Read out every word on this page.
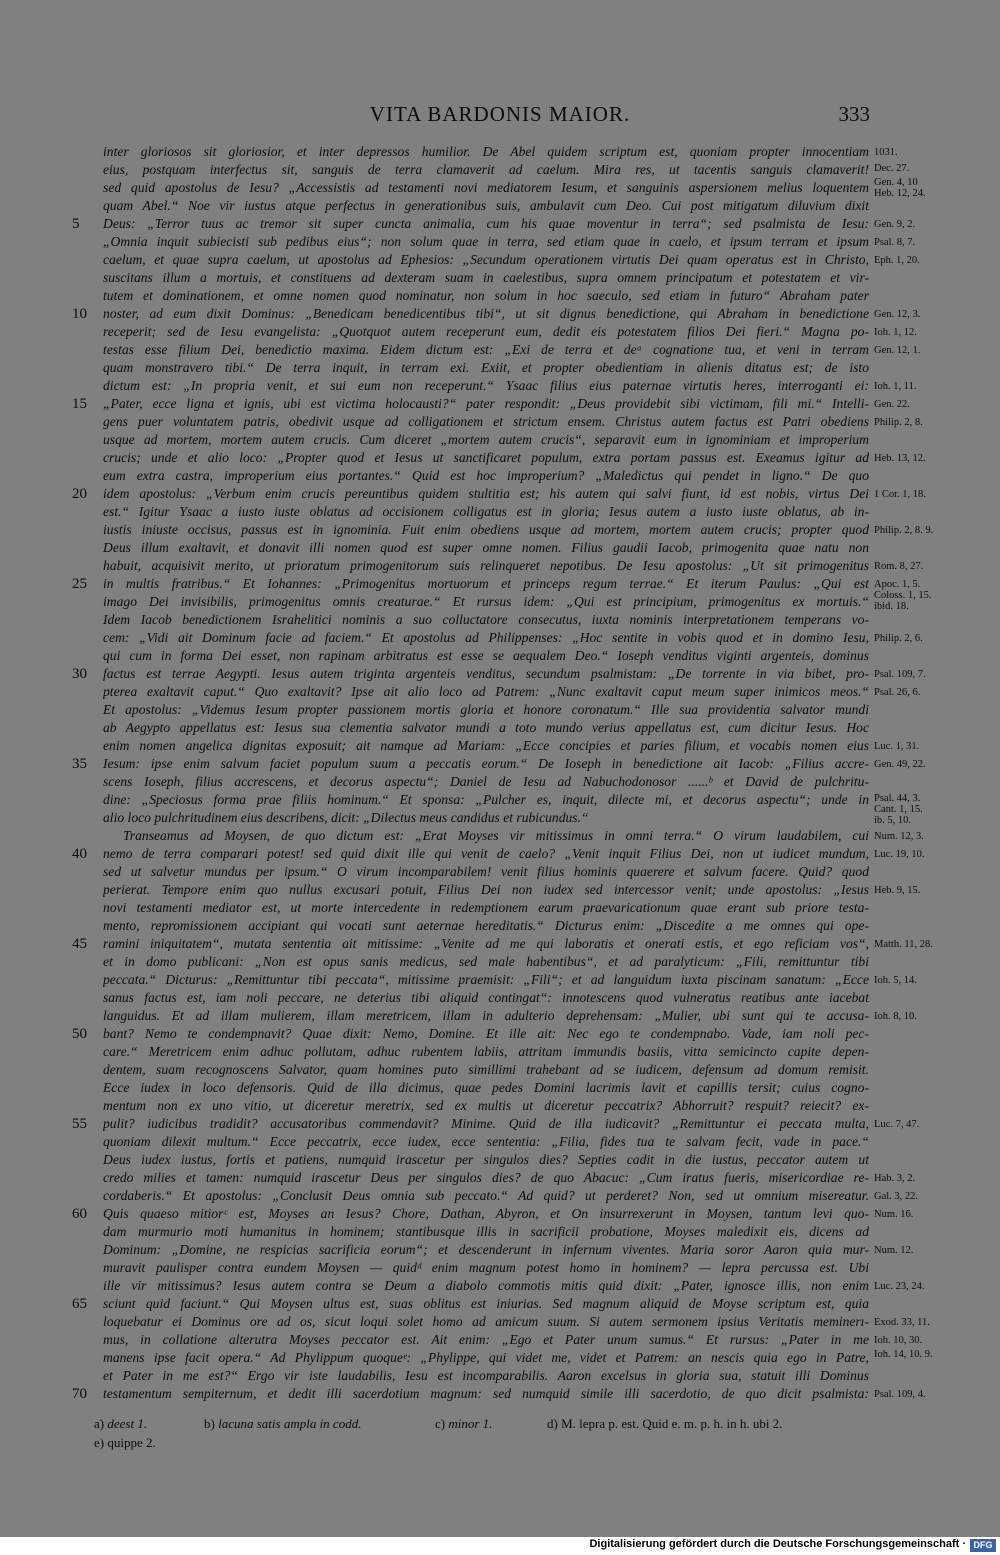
VITA BARDONIS MAIOR.	333
inter gloriosos sit gloriosior, et inter depressos humilior. De Abel quidem scriptum est, quoniam propter innocentiam
eius, postquam interfectus sit, sanguis de terra clamaverit ad caelum. Mira res, ut tacentis sanguis clamaverit!
sed quid apostolus de Iesu? „Accessistis ad testamenti novi mediatorem Iesum, et sanguinis aspersionem melius loquentem
quam Abel.“ Noe vir iustus atque perfectus in generationibus suis, ambulavit cum Deo. Cui post mitigatum diluvium dixit
Deus: „Terror tuus ac tremor sit super cuncta animalia, cum his quae moventur in terra“; sed psalmista de Iesu:
„Omnia inquit subiecisti sub pedibus eius“; non solum quae in terra, sed etiam quae in caelo, et ipsum terram et ipsum
caelum, et quae supra caelum, ut apostolus ad Ephesios: „Secundum operationem virtutis Dei quam operatus est in Christo,
suscitans illum a mortuis, et constituens ad dexteram suam in caelestibus, supra omnem principatum et potestatem et vir-
tutem et dominationem, et omne nomen quod nominatur, non solum in hoc saeculo, sed etiam in futuro“ Abraham pater
noster, ad eum dixit Dominus: „Benedicam benedicentibus tibi“, ut sit dignus benedictione, qui Abraham in benedictione
receperit; sed de Iesu evangelista: „Quotquot autem receperunt eum, dedit eis potestatem filios Dei fieri.“ Magna po-
testas esse filium Dei, benedictio maxima. Eidem dictum est: „Exi de terra et deᵃ cognatione tua, et veni in terram
quam monstravero tibi.“ De terra inquit, in terram exi. Exiit, et propter obedientiam in alienis ditatus est; de isto
dictum est: „In propria venit, et sui eum non receperunt.“ Ysaac filius eius paternae virtutis heres, interroganti ei:
„Pater, ecce ligna et ignis, ubi est victima holocausti?“ pater respondit: „Deus providebit sibi victimam, fili mi.“ Intelli-
gens puer voluntatem patris, obedivit usque ad colligationem et strictum ensem. Christus autem factus est Patri obediens
usque ad mortem, mortem autem crucis. Cum diceret „mortem autem crucis“, separavit eum in ignominiam et improperium
crucis; unde et alio loco: „Propter quod et Iesus ut sanctificaret populum, extra portam passus est. Exeamus igitur ad
eum extra castra, improperium eius portantes.“ Quid est hoc improperium? „Maledictus qui pendet in ligno.“ De quo
idem apostolus: „Verbum enim crucis pereuntibus quidem stultitia est; his autem qui salvi fiunt, id est nobis, virtus Dei
est.“ Igitur Ysaac a iusto iuste oblatus ad occisionem colligatus est in gloria; Iesus autem a iusto iuste oblatus, ab in-
iustis iniuste occisus, passus est in ignominia. Fuit enim obediens usque ad mortem, mortem autem crucis; propter quod
Deus illum exaltavit, et donavit illi nomen quod est super omne nomen. Filius gaudii Iacob, primogenita quae natu non
habuit, acquisivit merito, ut prioratum primogenitorum suis relinqueret nepotibus. De Iesu apostolus: „Ut sit primogenitus
in multis fratribus.“ Et Iohannes: „Primogenitus mortuorum et princeps regum terrae.“ Et iterum Paulus: „Qui est
imago Dei invisibilis, primogenitus omnis creaturae.“ Et rursus idem: „Qui est principium, primogenitus ex mortuis.“
Idem Iacob benedictionem Israhelitici nominis a suo colluctatore consecutus, iuxta nominis interpretationem temperans vo-
cem: „Vidi ait Dominum facie ad faciem.“ Et apostolus ad Philippenses: „Hoc sentite in vobis quod et in domino Iesu,
qui cum in forma Dei esset, non rapinam arbitratus est esse se aequalem Deo.“ Ioseph venditus viginti argenteis, dominus
factus est terrae Aegypti. Iesus autem triginta argenteis venditus, secundum psalmistam: „De torrente in via bibet, pro-
pterea exaltavit caput.“ Quo exaltavit? Ipse ait alio loco ad Patrem: „Nunc exaltavit caput meum super inimicos meos.“
Et apostolus: „Videmus Iesum propter passionem mortis gloria et honore coronatum.“ Ille sua providentia salvator mundi
ab Aegypto appellatus est: Iesus sua clementia salvator mundi a toto mundo verius appellatus est, cum dicitur Iesus. Hoc
enim nomen angelica dignitas exposuit; ait namque ad Mariam: „Ecce concipies et paries filium, et vocabis nomen eius
Iesum: ipse enim salvum faciet populum suum a peccatis eorum.“ De Ioseph in benedictione ait Iacob: „Filius accre-
scens Ioseph, filius accrescens, et decorus aspectu“; Daniel de Iesu ad Nabuchodonosor ......ᵇ et David de pulchritu-
dine: „Speciosus forma prae filiis hominum.“ Et sponsa: „Pulcher es, inquit, dilecte mi, et decorus aspectu“; unde in
alio loco pulchritudinem eius describens, dicit: „Dilectus meus candidus et rubicundus.“
Transeamus ad Moysen, de quo dictum est: „Erat Moyses vir mitissimus in omni terra.“ O virum laudabilem, cui
nemo de terra comparari potest! sed quid dixit ille qui venit de caelo? „Venit inquit Filius Dei, non ut iudicet mundum,
sed ut salvetur mundus per ipsum.“ O virum incomparabilem! venit filius hominis quaerere et salvum facere. Quid? quod
perierat. Tempore enim quo nullus excusari potuit, Filius Dei non iudex sed intercessor venit; unde apostolus: „Iesus
novi testamenti mediator est, ut morte intercedente in redemptionem earum praevaricationum quae erant sub priore testa-
mento, repromissionem accipiant qui vocati sunt aeternae hereditatis.“ Dicturus enim: „Discedite a me omnes qui ope-
ramini iniquitatem“, mutata sententia ait mitissime: „Venite ad me qui laboratis et onerati estis, et ego reficiam vos“,
et in domo publicani: „Non est opus sanis medicus, sed male habentibus“, et ad paralyticum: „Fili, remittuntur tibi
peccata.“ Dicturus: „Remittuntur tibi peccata“, mitissime praemisit: „Fili“; et ad languidum iuxta piscinam sanatum: „Ecce
sanus factus est, iam noli peccare, ne deterius tibi aliquid contingat“: innotescens quod vulneratus reatibus ante iacebat
languidus. Et ad illam mulierem, illam meretricem, illam in adulterio deprehensam: „Mulier, ubi sunt qui te accusa-
bant? Nemo te condempnavit? Quae dixit: Nemo, Domine. Et ille ait: Nec ego te condempnabo. Vade, iam noli pec-
care.“ Meretricem enim adhuc pollutam, adhuc rubentem labiis, attritam immundis basiis, vitta semicincto capite depen-
dentem, suam recognoscens Salvator, quam homines puto simillimi trahebant ad se iudicem, defensum ad domum remisit.
Ecce iudex in loco defensoris. Quid de illa dicimus, quae pedes Domini lacrimis lavit et capillis tersit; cuius cogno-
mentum non ex uno vitio, ut diceretur meretrix, sed ex multis ut diceretur peccatrix? Abhorruit? respuit? reiecit? ex-
pulit? iudicibus tradidit? accusatoribus commendavit? Minime. Quid de illa iudicavit? „Remittuntur ei peccata multa,
quoniam dilexit multum.“ Ecce peccatrix, ecce iudex, ecce sententia: „Filia, fides tua te salvam fecit, vade in pace.“
Deus iudex iustus, fortis et patiens, numquid irascetur per singulos dies? Septies cadit in die iustus, peccator autem ut
credo milies et tamen: numquid irascetur Deus per singulos dies? de quo Abacuc: „Cum iratus fueris, misericordiae re-
cordaberis.“ Et apostolus: „Conclusit Deus omnia sub peccato.“ Ad quid? ut perderet? Non, sed ut omnium misereatur.
Quis quaeso mitiorᶜ est, Moyses an Iesus? Chore, Dathan, Abyron, et On insurrexerunt in Moysen, tantum levi quo-
dam murmurio moti humanitus in hominem; stantibusque illis in sacrificii probatione, Moyses maledixit eis, dicens ad
Dominum: „Domine, ne respicias sacrificia eorum“; et descenderunt in infernum viventes. Maria soror Aaron quia mur-
muravit paulisper contra eundem Moysen — quidᵈ enim magnum potest homo in hominem? — lepra percussa est. Ubi
ille vir mitissimus? Iesus autem contra se Deum a diabolo commotis mitis quid dixit: „Pater, ignosce illis, non enim
sciunt quid faciunt.“ Qui Moysen ultus est, suas oblitus est iniurias. Sed magnum aliquid de Moyse scriptum est, quia
loquebatur ei Dominus ore ad os, sicut loqui solet homo ad amicum suum. Si autem sermonem ipsius Veritatis meminerı-
mus, in collatione alterutra Moyses peccator est. Ait enim: „Ego et Pater unum sumus.“ Et rursus: „Pater in me
manens ipse facit opera.“ Ad Phylippum quoqueᵉ: „Phylippe, qui videt me, videt et Patrem: an nescis quia ego in Patre,
et Pater in me est?“ Ergo vir iste laudabilis, Iesu est incomparabilis. Aaron excelsus in gloria sua, statuit illi Dominus
testamentum sempiternum, et dedit illi sacerdotium magnum: sed numquid simile illi sacerdotio, de quo dicit psalmista:
5
10
15
20
25
30
35
40
45
50
55
60
65
70
1031.
Dec. 27.
Gen. 4, 10
Heb. 12, 24.
Gen. 9, 2.
Psal. 8, 7.
Eph. 1, 20.
Gen. 12, 3.
Ioh. 1, 12.
Gen. 12, 1.
Ioh. 1, 11.
Gen. 22.
Philip. 2, 8.
Heb. 13, 12.
1 Cor. 1, 18.
Philip. 2, 8. 9.
Rom. 8, 27.
Apoc. 1, 5.
Coloss. 1, 15.
ibid. 18.
Philip. 2, 6.
Psal. 109, 7.
Psal. 26, 6.
Luc. 1, 31.
Gen. 49, 22.
Psal. 44, 3.
Cant. 1, 15.
ib. 5, 10.
Num. 12, 3.
Luc. 19, 10.
Heb. 9, 15.
Matth. 11, 28.
Ioh. 5, 14.
Ioh. 8, 10.
Luc. 7, 47.
Hab. 3, 2.
Gal. 3, 22.
Num. 16.
Num. 12.
Luc. 23, 24.
Exod. 33, 11.
Ioh. 10, 30.
Ioh. 14, 10. 9.
Psal. 109, 4.
a) deest 1.	b) lacuna satis ampla in codd.	c) minor 1.	d) M. lepra p. est. Quid e. m. p. h. in h. ubi 2.
e) quippe 2.
Digitalisierung gefördert durch die Deutsche Forschungsgemeinschaft · DFG
